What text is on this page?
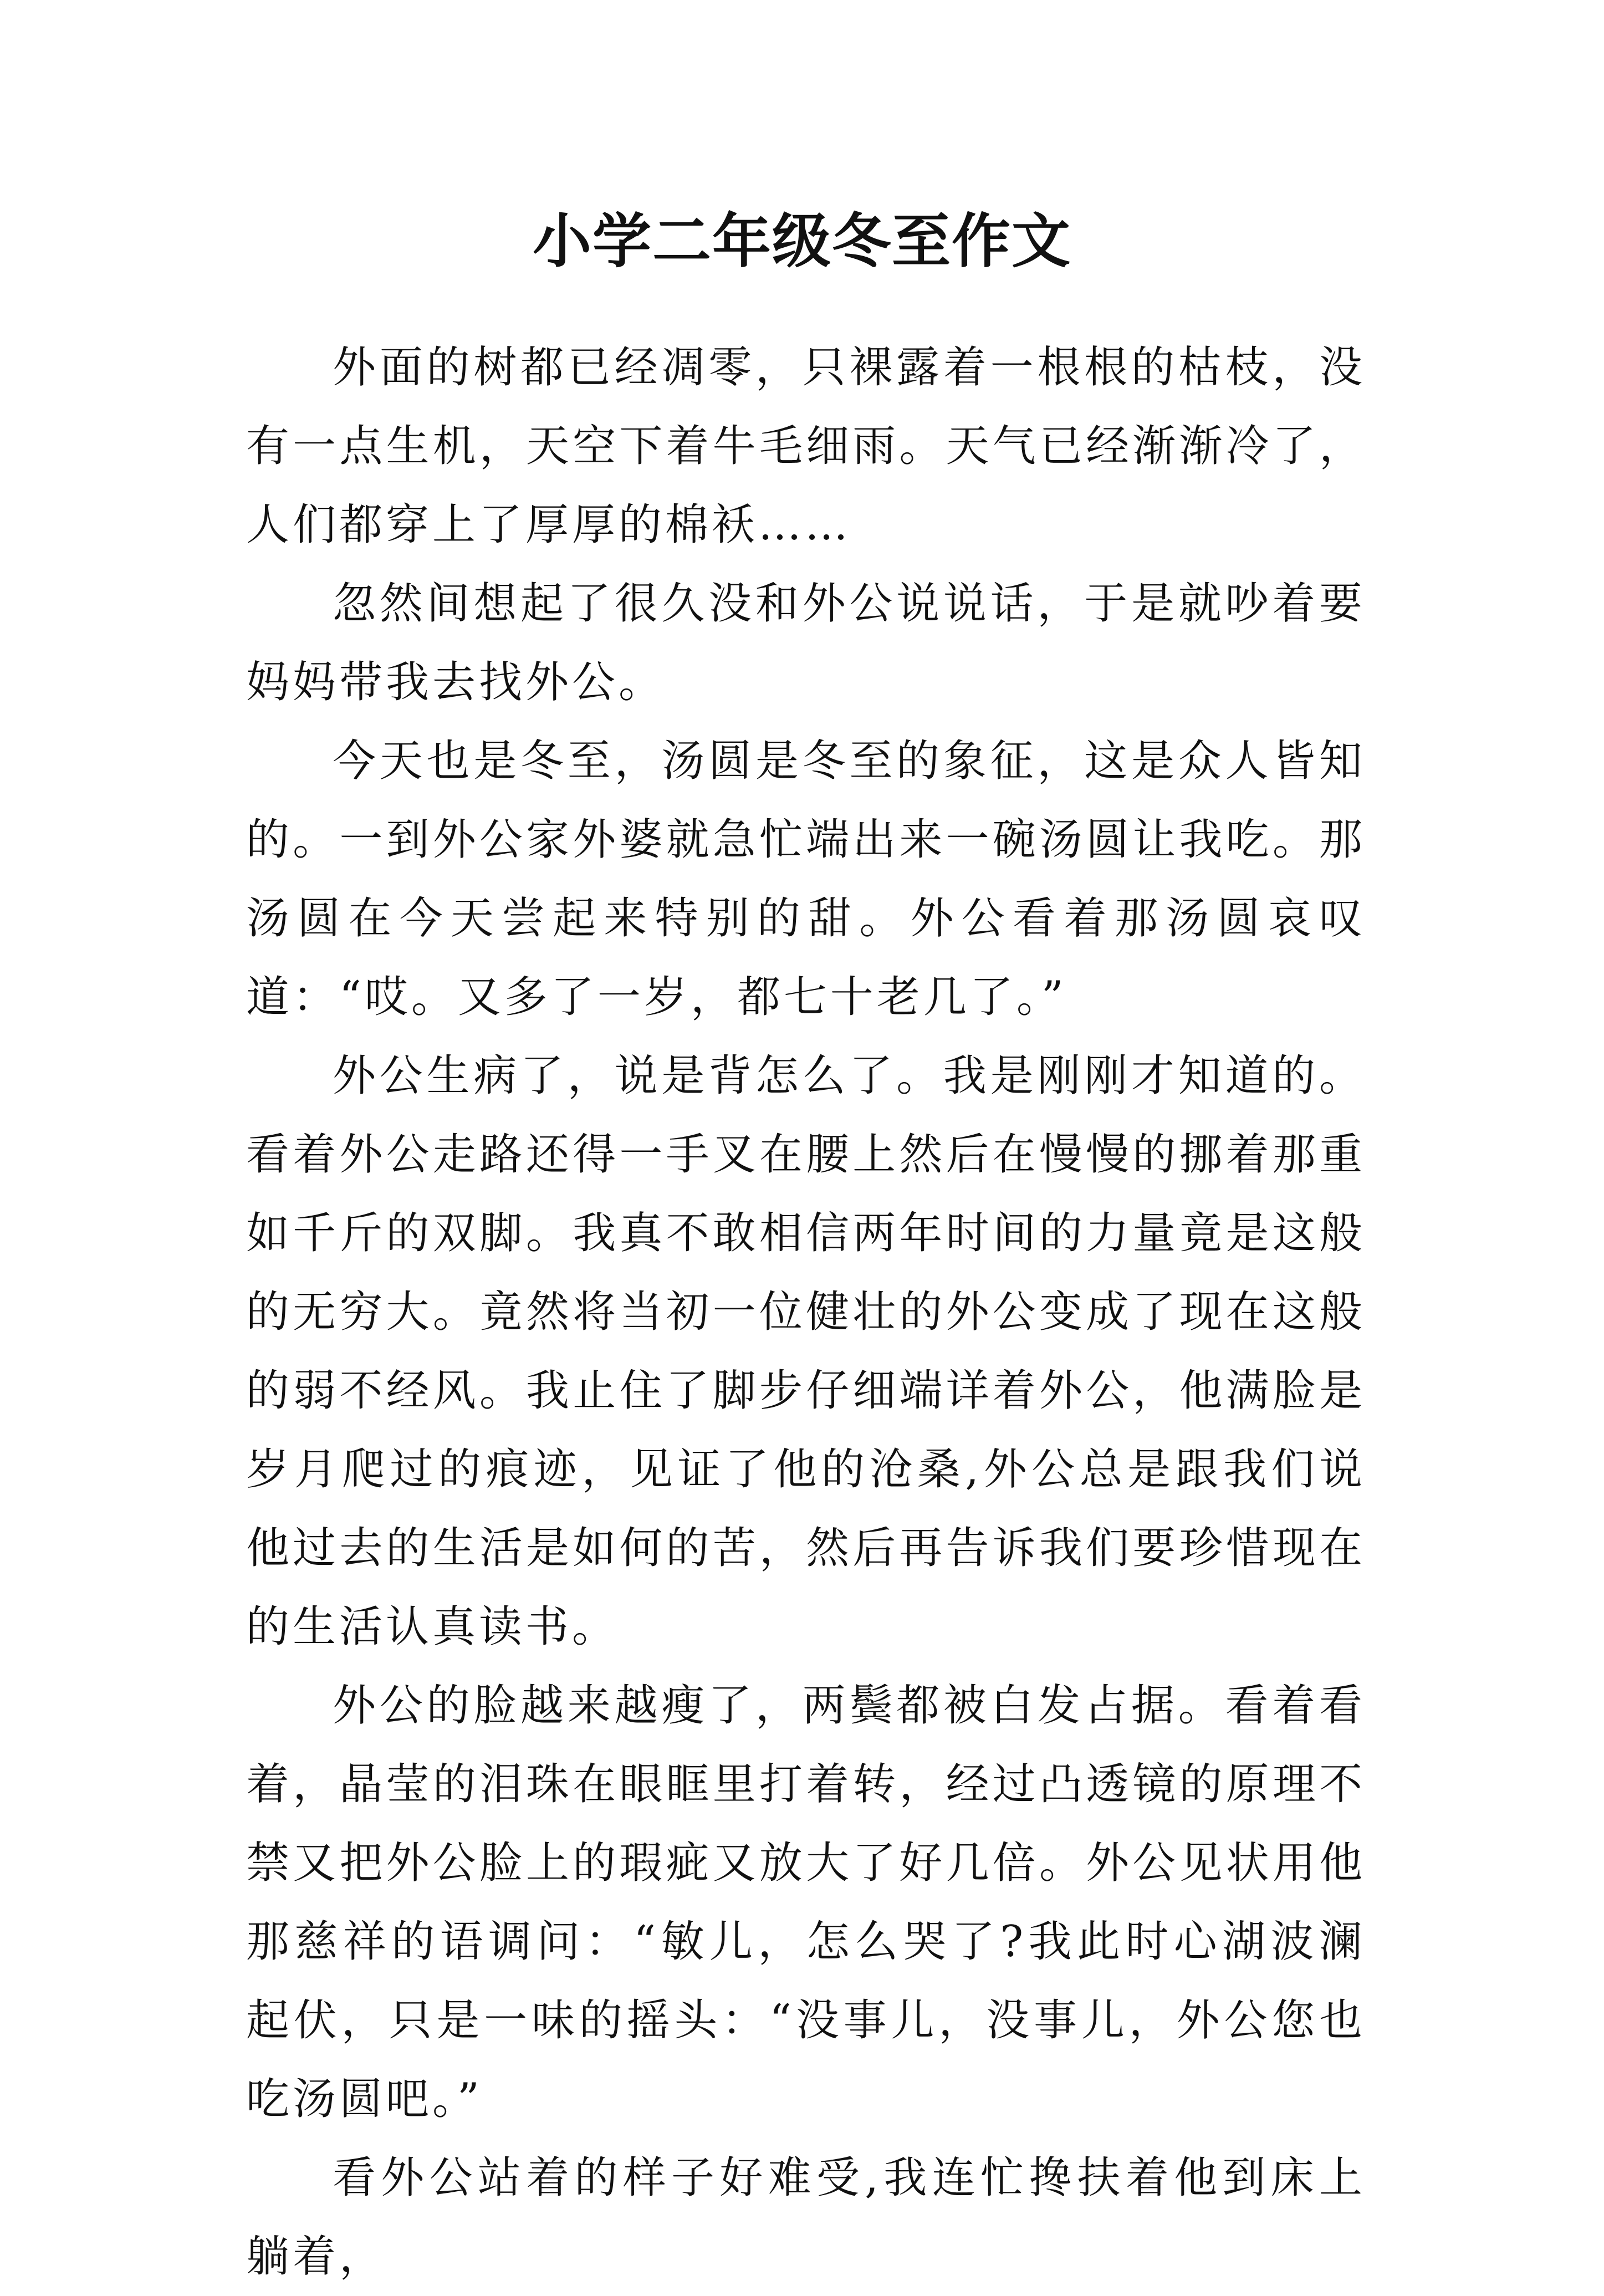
小学二年级冬至作文

外面的树都已经凋零，只裸露着一根根的枯枝，没有一点生机，天空下着牛毛细雨。天气已经渐渐冷了，人们都穿上了厚厚的棉袄……

忽然间想起了很久没和外公说说话，于是就吵着要妈妈带我去找外公。

今天也是冬至，汤圆是冬至的象征，这是众人皆知的。一到外公家外婆就急忙端出来一碗汤圆让我吃。那汤圆在今天尝起来特别的甜。外公看着那汤圆哀叹道：“哎。又多了一岁，都七十老几了。”

外公生病了，说是背怎么了。我是刚刚才知道的。看着外公走路还得一手叉在腰上然后在慢慢的挪着那重如千斤的双脚。我真不敢相信两年时间的力量竟是这般的无穷大。竟然将当初一位健壮的外公变成了现在这般的弱不经风。我止住了脚步仔细端详着外公，他满脸是岁月爬过的痕迹，见证了他的沧桑,外公总是跟我们说他过去的生活是如何的苦，然后再告诉我们要珍惜现在的生活认真读书。

外公的脸越来越瘦了，两鬓都被白发占据。看着看着，晶莹的泪珠在眼眶里打着转，经过凸透镜的原理不禁又把外公脸上的瑕疵又放大了好几倍。外公见状用他那慈祥的语调问：“敏儿，怎么哭了?我此时心湖波澜起伏，只是一味的摇头：“没事儿，没事儿，外公您也吃汤圆吧。”

看外公站着的样子好难受,我连忙搀扶着他到床上躺着，
